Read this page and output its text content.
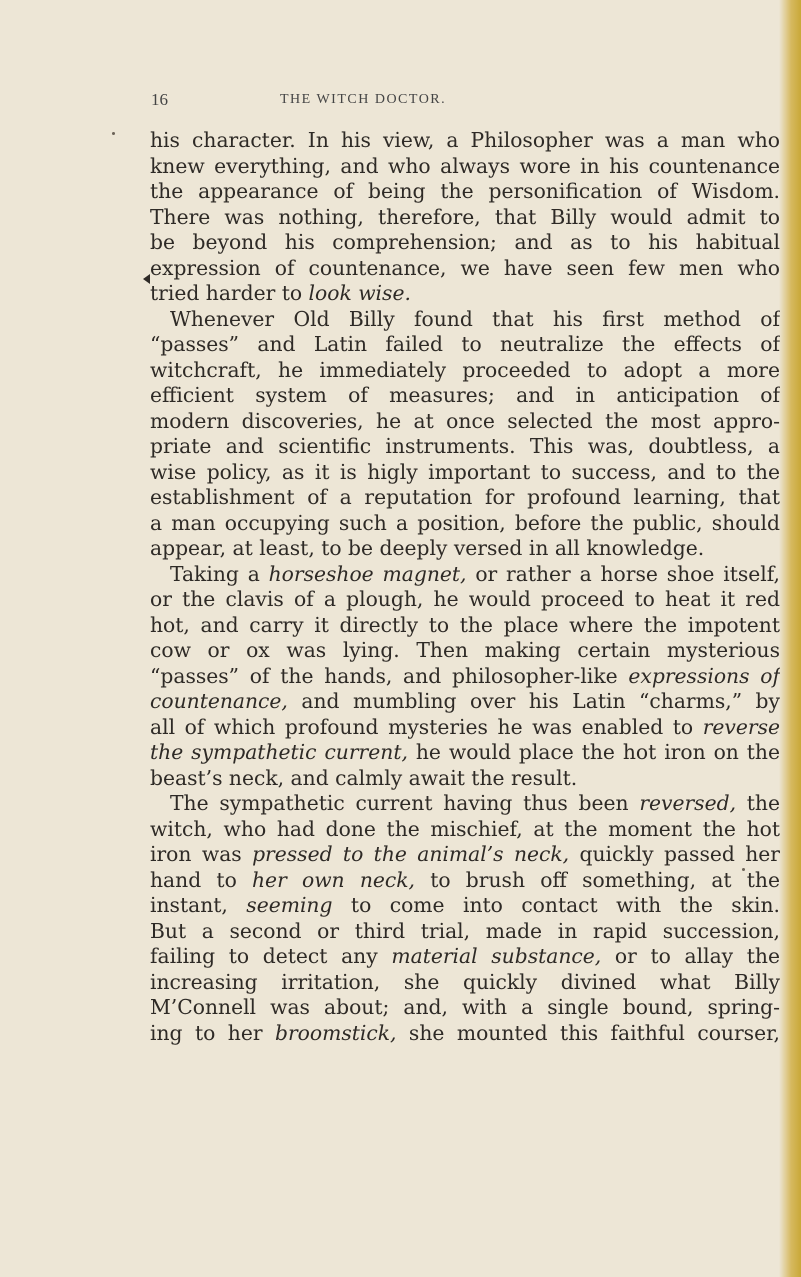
16	THE WITCH DOCTOR.
his character. In his view, a Philosopher was a man who
knew everything, and who always wore in his countenance
the appearance of being the personification of Wisdom.
There was nothing, therefore, that Billy would admit to
be beyond his comprehension; and as to his habitual
expression of countenance, we have seen few men who
tried harder to look wise.
Whenever Old Billy found that his first method of
“passes” and Latin failed to neutralize the effects of
witchcraft, he immediately proceeded to adopt a more
efficient system of measures; and in anticipation of
modern discoveries, he at once selected the most appro-
priate and scientific instruments. This was, doubtless, a
wise policy, as it is higly important to success, and to the
establishment of a reputation for profound learning, that
a man occupying such a position, before the public, should
appear, at least, to be deeply versed in all knowledge.
Taking a horseshoe magnet, or rather a horse shoe itself,
or the clavis of a plough, he would proceed to heat it red
hot, and carry it directly to the place where the impotent
cow or ox was lying. Then making certain mysterious
“passes” of the hands, and philosopher-like expressions of
countenance, and mumbling over his Latin “charms,” by
all of which profound mysteries he was enabled to reverse
the sympathetic current, he would place the hot iron on the
beast’s neck, and calmly await the result.
The sympathetic current having thus been reversed, the
witch, who had done the mischief, at the moment the hot
iron was pressed to the animal’s neck, quickly passed her
hand to her own neck, to brush off something, at the
instant, seeming to come into contact with the skin.
But a second or third trial, made in rapid succession,
failing to detect any material substance, or to allay the
increasing irritation, she quickly divined what Billy
M’Connell was about; and, with a single bound, spring-
ing to her broomstick, she mounted this faithful courser,
